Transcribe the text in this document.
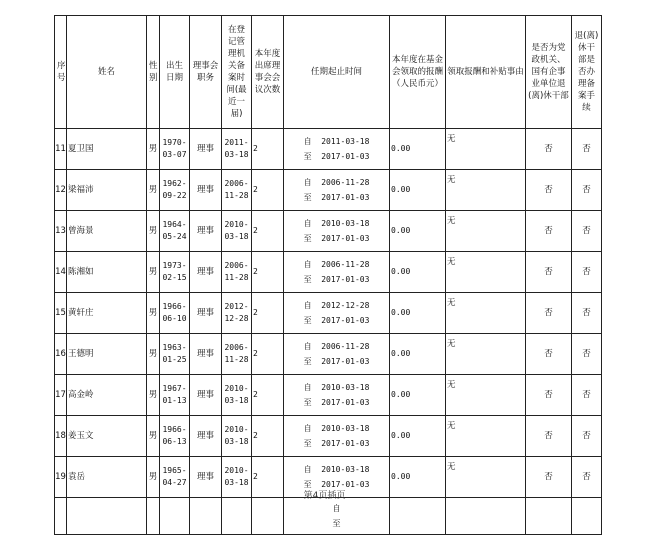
序号	姓名	性别	出生日期	理事会职务	在登记管理机关备案时间(最近一届)	本年度出席理事会会议次数	任期起止时间	本年度在基金会领取的报酬（人民币元）	领取报酬和补贴事由	是否为党政机关、国有企事业单位退(离)休干部	退(离)休干部是否办理备案手续
11	夏卫国	男	1970-03-07	理事	2011-03-18	2	自 2011-03-18
至 2017-01-03	0.00	无	否	否
12	梁福沛	男	1962-09-22	理事	2006-11-28	2	自 2006-11-28
至 2017-01-03	0.00	无	否	否
13	曾海景	男	1964-05-24	理事	2010-03-18	2	自 2010-03-18
至 2017-01-03	0.00	无	否	否
14	陈湘如	男	1973-02-15	理事	2006-11-28	2	自 2006-11-28
至 2017-01-03	0.00	无	否	否
15	黄轩庄	男	1966-06-10	理事	2012-12-28	2	自 2012-12-28
至 2017-01-03	0.00	无	否	否
16	王德明	男	1963-01-25	理事	2006-11-28	2	自 2006-11-28
至 2017-01-03	0.00	无	否	否
17	高金岭	男	1967-01-13	理事	2010-03-18	2	自 2010-03-18
至 2017-01-03	0.00	无	否	否
18	姜玉文	男	1966-06-13	理事	2010-03-18	2	自 2010-03-18
至 2017-01-03	0.00	无	否	否
19	袁岳	男	1965-04-27	理事	2010-03-18	2	自 2010-03-18
至 2017-01-03	0.00	无	否	否

							自
至				

第4页插页
